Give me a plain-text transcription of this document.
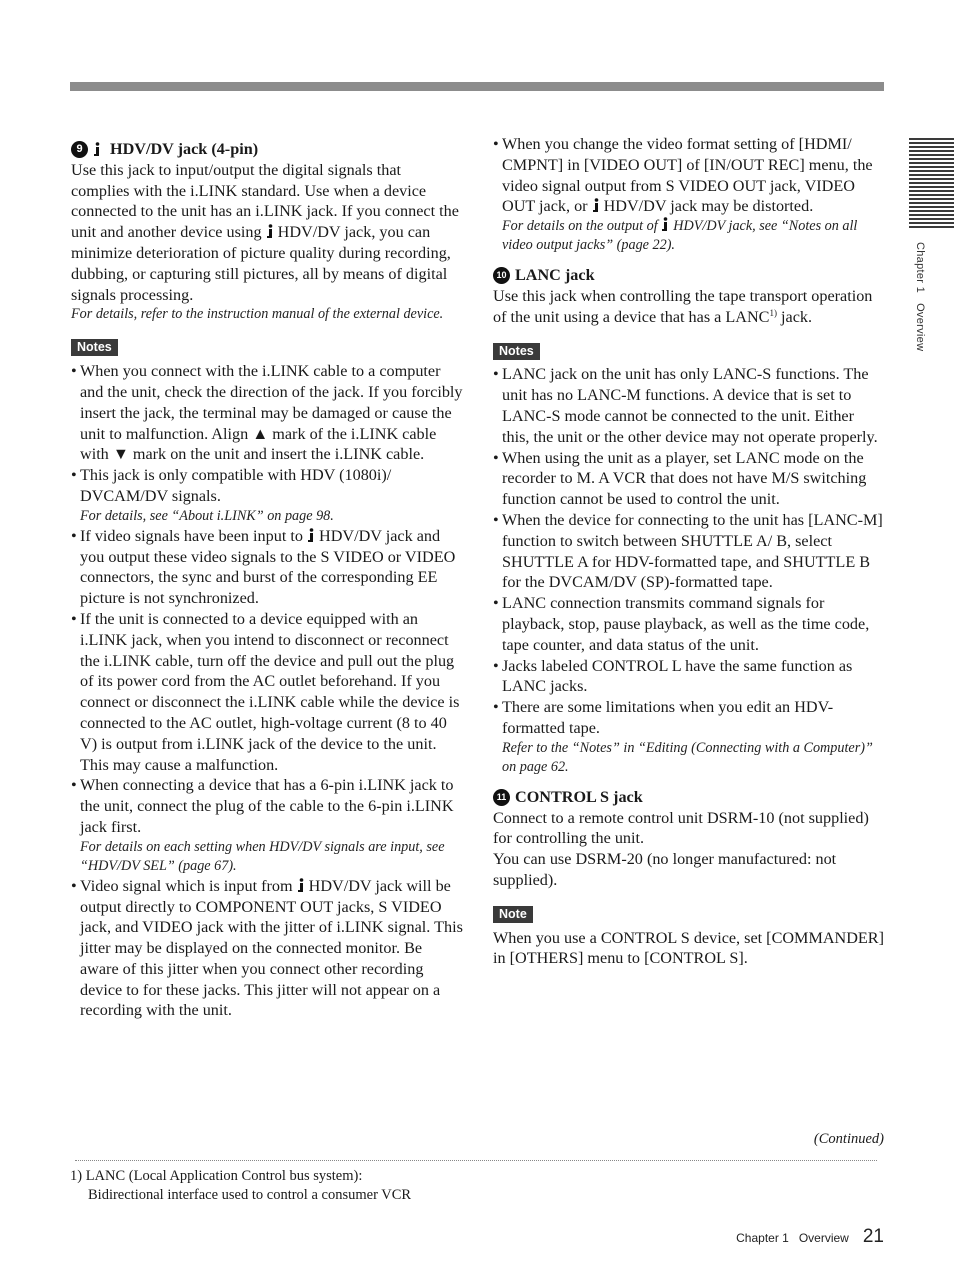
Chapter 1   Overview
9	HDV/DV jack (4-pin)

Use this jack to input/output the digital signals that complies with the i.LINK standard. Use when a device connected to the unit has an i.LINK jack. If you connect the unit and another device using HDV/DV jack, you can minimize deterioration of picture quality during recording, dubbing, or capturing still pictures, all by means of digital signals processing.

For details, refer to the instruction manual of the external device.

Notes
• When you connect with the i.LINK cable to a computer and the unit, check the direction of the jack. If you forcibly insert the jack, the terminal may be damaged or cause the unit to malfunction. Align ▲ mark of the i.LINK cable with ▼ mark on the unit and insert the i.LINK cable.
• This jack is only compatible with HDV (1080i)/ DVCAM/DV signals.
For details, see “About i.LINK” on page 98.
• If video signals have been input to HDV/DV jack and you output these video signals to the S VIDEO or VIDEO connectors, the sync and burst of the corresponding EE picture is not synchronized.
• If the unit is connected to a device equipped with an i.LINK jack, when you intend to disconnect or reconnect the i.LINK cable, turn off the device and pull out the plug of its power cord from the AC outlet beforehand. If you connect or disconnect the i.LINK cable while the device is connected to the AC outlet, high-voltage current (8 to 40 V) is output from i.LINK jack of the device to the unit. This may cause a malfunction.
• When connecting a device that has a 6-pin i.LINK jack to the unit, connect the plug of the cable to the 6-pin i.LINK jack first.
For details on each setting when HDV/DV signals are input, see “HDV/DV SEL” (page 67).
• Video signal which is input from HDV/DV jack will be output directly to COMPONENT OUT jacks, S VIDEO jack, and VIDEO jack with the jitter of i.LINK signal. This jitter may be displayed on the connected monitor. Be aware of this jitter when you connect other recording device to for these jacks. This jitter will not appear on a recording with the unit.
• When you change the video format setting of [HDMI/ CMPNT] in [VIDEO OUT] of [IN/OUT REC] menu, the video signal output from S VIDEO OUT jack, VIDEO OUT jack, or HDV/DV jack may be distorted.
For details on the output of HDV/DV jack, see “Notes on all video output jacks” (page 22).
10 LANC jack

Use this jack when controlling the tape transport operation of the unit using a device that has a LANC$^{1)}$ jack.

Notes
• LANC jack on the unit has only LANC-S functions. The unit has no LANC-M functions. A device that is set to LANC-S mode cannot be connected to the unit. Either this, the unit or the other device may not operate properly.
• When using the unit as a player, set LANC mode on the recorder to M. A VCR that does not have M/S switching function cannot be used to control the unit.
• When the device for connecting to the unit has [LANC-M] function to switch between SHUTTLE A/ B, select SHUTTLE A for HDV-formatted tape, and SHUTTLE B for the DVCAM/DV (SP)-formatted tape.
• LANC connection transmits command signals for playback, stop, pause playback, as well as the time code, tape counter, and data status of the unit.
• Jacks labeled CONTROL L have the same function as LANC jacks.
• There are some limitations when you edit an HDV-formatted tape.
Refer to the “Notes” in “Editing (Connecting with a Computer)” on page 62.
11 CONTROL S jack

Connect to a remote control unit DSRM-10 (not supplied) for controlling the unit.

You can use DSRM-20 (no longer manufactured: not supplied).

Note

When you use a CONTROL S device, set [COMMANDER] in [OTHERS] menu to [CONTROL S].

(Continued)
1) LANC (Local Application Control bus system):
Bidirectional interface used to control a consumer VCR
Chapter 1   Overview 21
